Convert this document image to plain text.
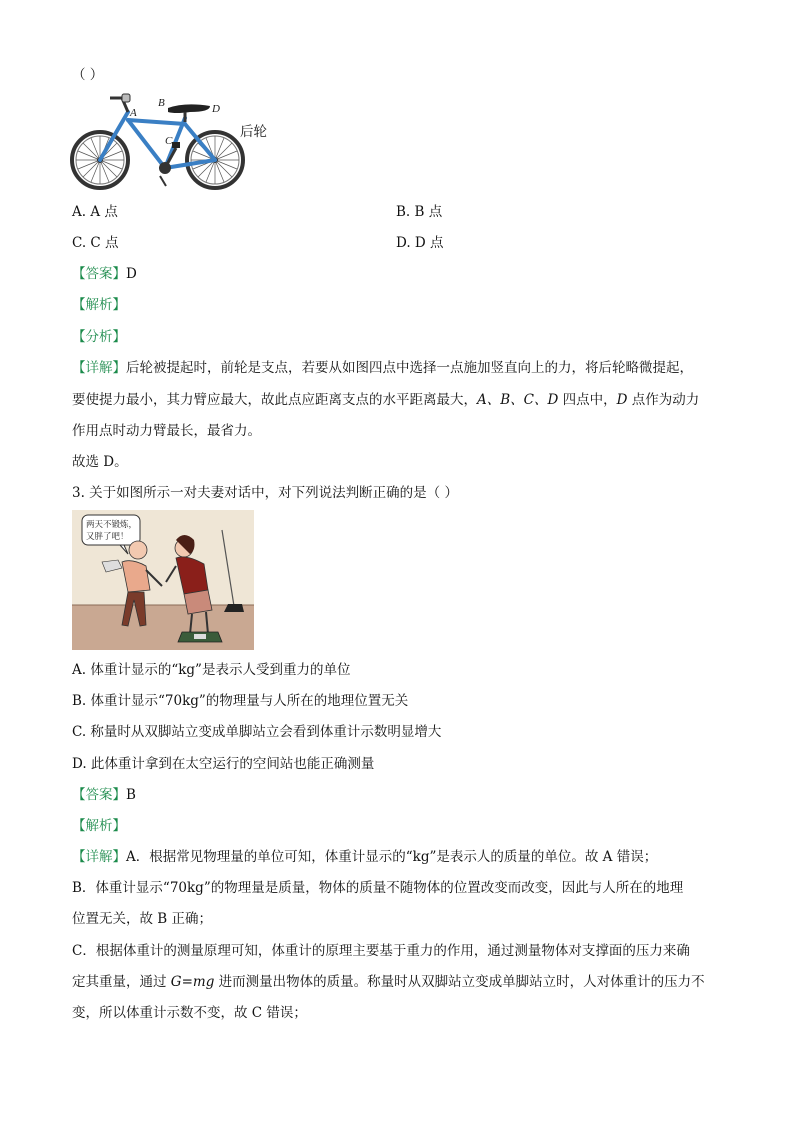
（ ）
A
B
C
D
后轮
A. A 点	B. B 点
C. C 点	D. D 点
【答案】D
【解析】
【分析】
【详解】后轮被提起时，前轮是支点，若要从如图四点中选择一点施加竖直向上的力，将后轮略微提起，
要使提力最小，其力臂应最大，故此点应距离支点的水平距离最大，A、B、C、D 四点中，D 点作为动力
作用点时动力臂最长，最省力。
故选 D。
3. 关于如图所示一对夫妻对话中，对下列说法判断正确的是（ ）
两天不锻炼，
又胖了吧！
A. 体重计显示的“kg”是表示人受到重力的单位
B. 体重计显示“70kg”的物理量与人所在的地理位置无关
C. 称量时从双脚站立变成单脚站立会看到体重计示数明显增大
D. 此体重计拿到在太空运行的空间站也能正确测量
【答案】B
【解析】
【详解】A．根据常见物理量的单位可知，体重计显示的“kg”是表示人的质量的单位。故 A 错误；
B．体重计显示“70kg”的物理量是质量，物体的质量不随物体的位置改变而改变，因此与人所在的地理
位置无关，故 B 正确；
C．根据体重计的测量原理可知，体重计的原理主要基于重力的作用，通过测量物体对支撑面的压力来确
定其重量，通过 G=mg 进而测量出物体的质量。称量时从双脚站立变成单脚站立时，人对体重计的压力不
变，所以体重计示数不变，故 C 错误；
